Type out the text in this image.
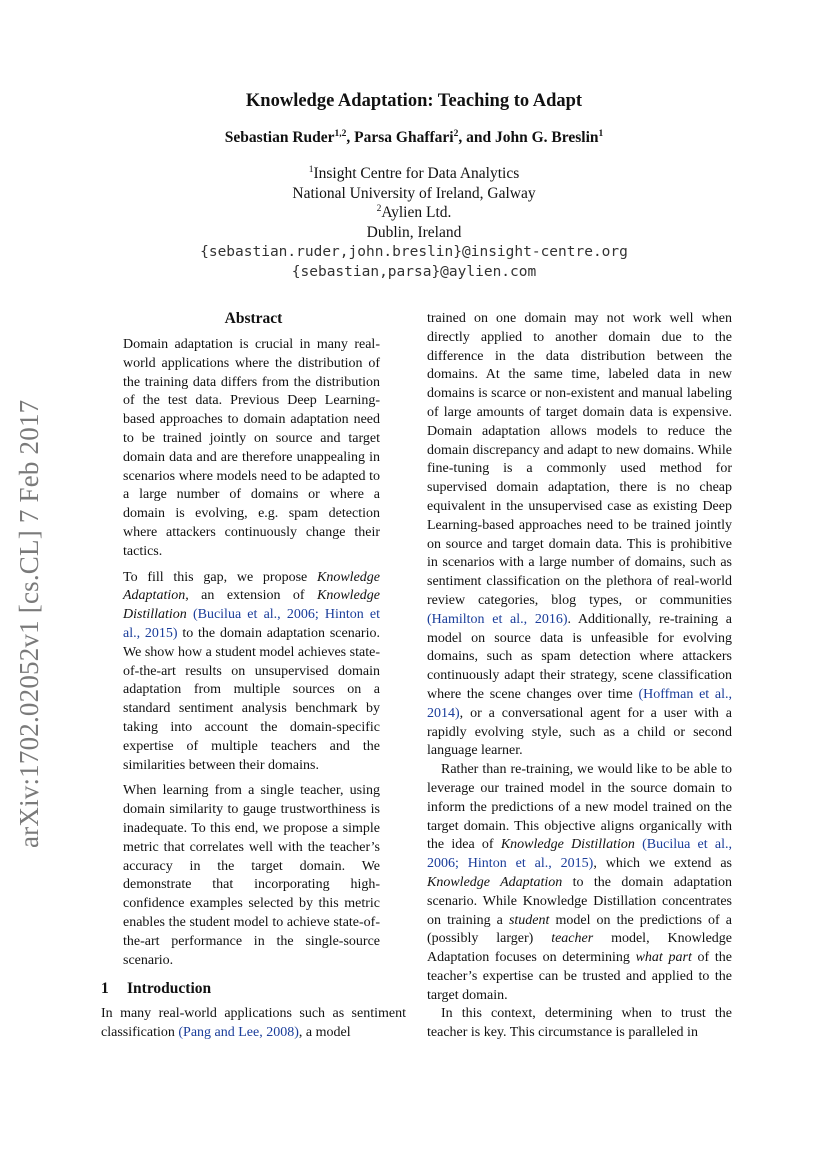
arXiv:1702.02052v1 [cs.CL] 7 Feb 2017
Knowledge Adaptation: Teaching to Adapt
Sebastian Ruder$^{1,2}$, Parsa Ghaffari$^2$, and John G. Breslin$^1$
$^1$Insight Centre for Data Analytics
National University of Ireland, Galway
$^2$Aylien Ltd.
Dublin, Ireland
{sebastian.ruder,john.breslin}@insight-centre.org
{sebastian,parsa}@aylien.com
Abstract

Domain adaptation is crucial in many real-world applications where the distribution of the training data differs from the distribution of the test data. Previous Deep Learning-based approaches to domain adaptation need to be trained jointly on source and target domain data and are therefore unappealing in scenarios where models need to be adapted to a large number of domains or where a domain is evolving, e.g. spam detection where attackers continuously change their tactics.

To fill this gap, we propose Knowledge Adaptation, an extension of Knowledge Distillation (Bucilua et al., 2006; Hinton et al., 2015) to the domain adaptation scenario. We show how a student model achieves state-of-the-art results on unsupervised domain adaptation from multiple sources on a standard sentiment analysis benchmark by taking into account the domain-specific expertise of multiple teachers and the similarities between their domains.

When learning from a single teacher, using domain similarity to gauge trustworthiness is inadequate. To this end, we propose a simple metric that correlates well with the teacher’s accuracy in the target domain. We demonstrate that incorporating high-confidence examples selected by this metric enables the student model to achieve state-of-the-art performance in the single-source scenario.

1 Introduction

In many real-world applications such as sentiment classification (Pang and Lee, 2008), a model

trained on one domain may not work well when directly applied to another domain due to the difference in the data distribution between the domains. At the same time, labeled data in new domains is scarce or non-existent and manual labeling of large amounts of target domain data is expensive. Domain adaptation allows models to reduce the domain discrepancy and adapt to new domains. While fine-tuning is a commonly used method for supervised domain adaptation, there is no cheap equivalent in the unsupervised case as existing Deep Learning-based approaches need to be trained jointly on source and target domain data. This is prohibitive in scenarios with a large number of domains, such as sentiment classification on the plethora of real-world review categories, blog types, or communities (Hamilton et al., 2016). Additionally, re-training a model on source data is unfeasible for evolving domains, such as spam detection where attackers continuously adapt their strategy, scene classification where the scene changes over time (Hoffman et al., 2014), or a conversational agent for a user with a rapidly evolving style, such as a child or second language learner.

Rather than re-training, we would like to be able to leverage our trained model in the source domain to inform the predictions of a new model trained on the target domain. This objective aligns organically with the idea of Knowledge Distillation (Bucilua et al., 2006; Hinton et al., 2015), which we extend as Knowledge Adaptation to the domain adaptation scenario. While Knowledge Distillation concentrates on training a student model on the predictions of a (possibly larger) teacher model, Knowledge Adaptation focuses on determining what part of the teacher’s expertise can be trusted and applied to the target domain.

In this context, determining when to trust the teacher is key. This circumstance is paralleled in
